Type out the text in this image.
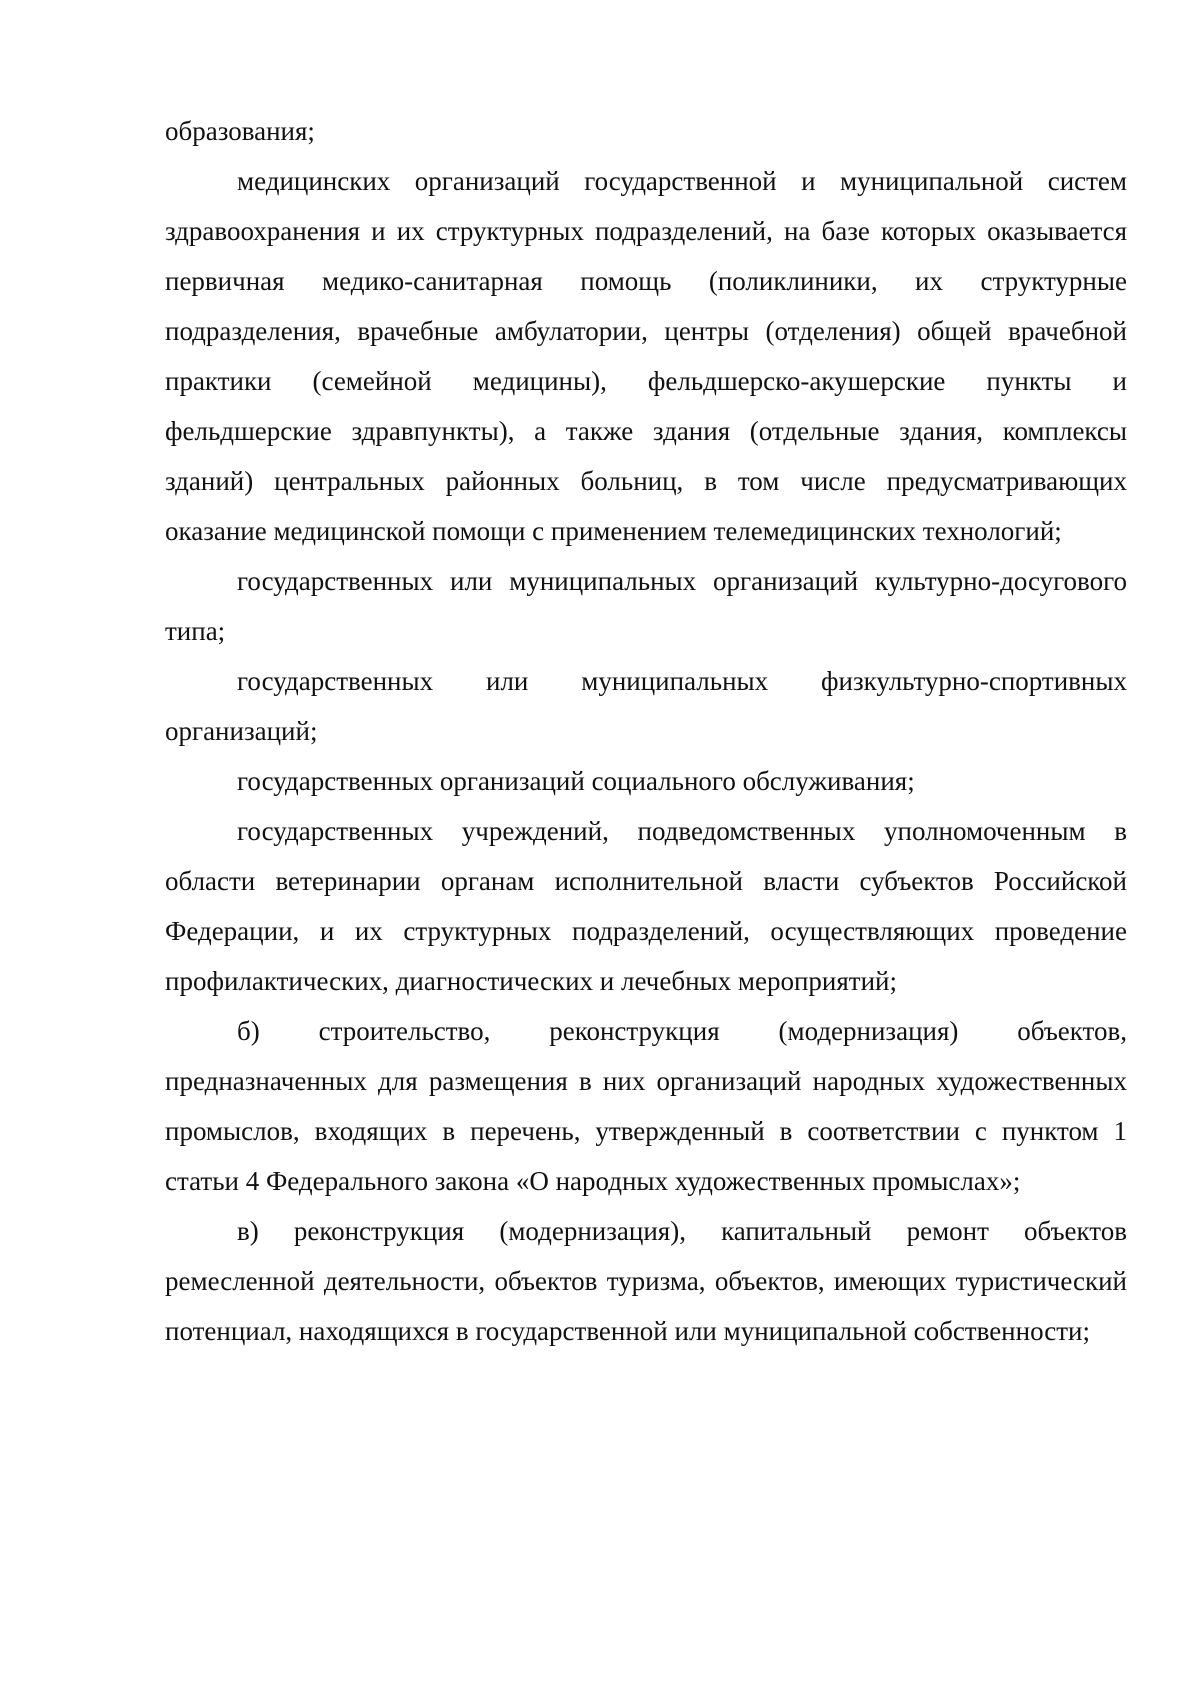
образования;

медицинских организаций государственной и муниципальной систем здравоохранения и их структурных подразделений, на базе которых оказывается первичная медико-санитарная помощь (поликлиники, их структурные подразделения, врачебные амбулатории, центры (отделения) общей врачебной практики (семейной медицины), фельдшерско-акушерские пункты и фельдшерские здравпункты), а также здания (отдельные здания, комплексы зданий) центральных районных больниц, в том числе предусматривающих оказание медицинской помощи с применением телемедицинских технологий;

государственных или муниципальных организаций культурно-досугового типа;

государственных или муниципальных физкультурно-спортивных организаций;

государственных организаций социального обслуживания;

государственных учреждений, подведомственных уполномоченным в области ветеринарии органам исполнительной власти субъектов Российской Федерации, и их структурных подразделений, осуществляющих проведение профилактических, диагностических и лечебных мероприятий;

б) строительство, реконструкция (модернизация) объектов, предназначенных для размещения в них организаций народных художественных промыслов, входящих в перечень, утвержденный в соответствии с пунктом 1 статьи 4 Федерального закона «О народных художественных промыслах»;

в) реконструкция (модернизация), капитальный ремонт объектов ремесленной деятельности, объектов туризма, объектов, имеющих туристический потенциал, находящихся в государственной или муниципальной собственности;
